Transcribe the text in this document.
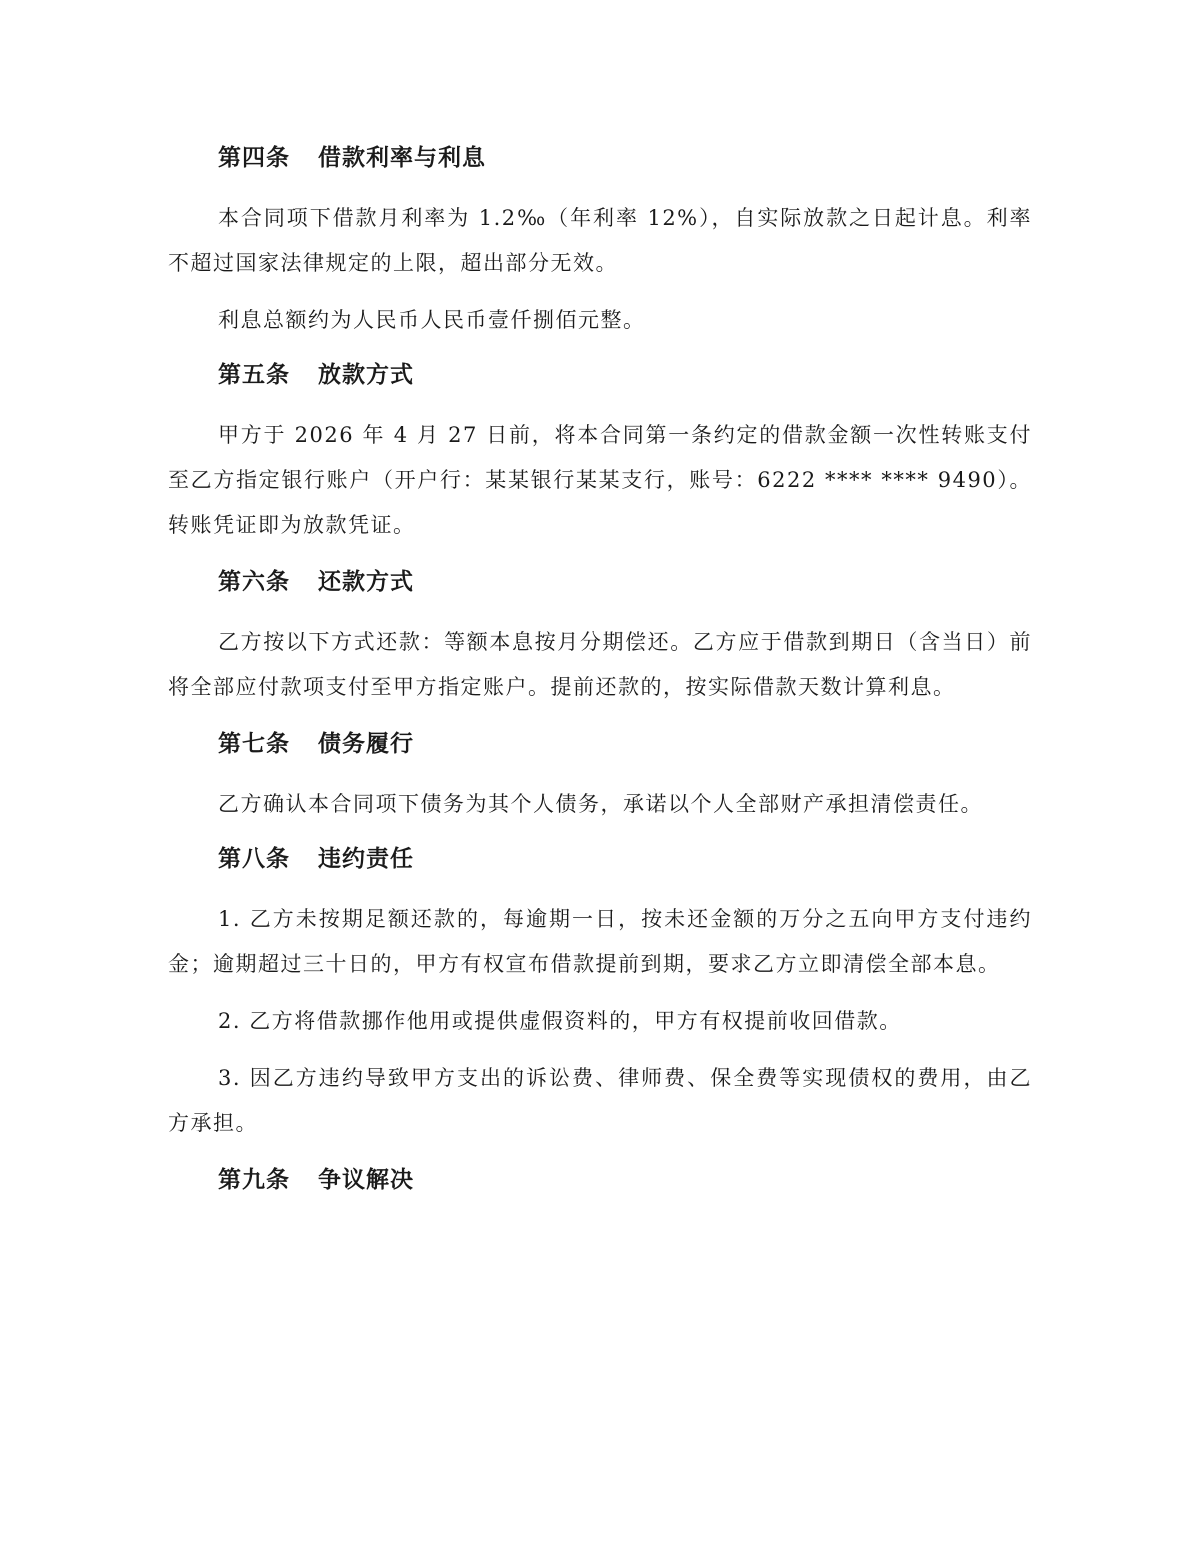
第四条 借款利率与利息

本合同项下借款月利率为 1.2‰（年利率 12%），自实际放款之日起计息。利率不超过国家法律规定的上限，超出部分无效。

利息总额约为人民币人民币壹仟捌佰元整。

第五条 放款方式

甲方于 2026 年 4 月 27 日前，将本合同第一条约定的借款金额一次性转账支付至乙方指定银行账户（开户行：某某银行某某支行，账号：6222 **** **** 9490）。转账凭证即为放款凭证。

第六条 还款方式

乙方按以下方式还款：等额本息按月分期偿还。乙方应于借款到期日（含当日）前将全部应付款项支付至甲方指定账户。提前还款的，按实际借款天数计算利息。

第七条 债务履行

乙方确认本合同项下债务为其个人债务，承诺以个人全部财产承担清偿责任。

第八条 违约责任

1. 乙方未按期足额还款的，每逾期一日，按未还金额的万分之五向甲方支付违约金；逾期超过三十日的，甲方有权宣布借款提前到期，要求乙方立即清偿全部本息。

2. 乙方将借款挪作他用或提供虚假资料的，甲方有权提前收回借款。

3. 因乙方违约导致甲方支出的诉讼费、律师费、保全费等实现债权的费用，由乙方承担。

第九条 争议解决
